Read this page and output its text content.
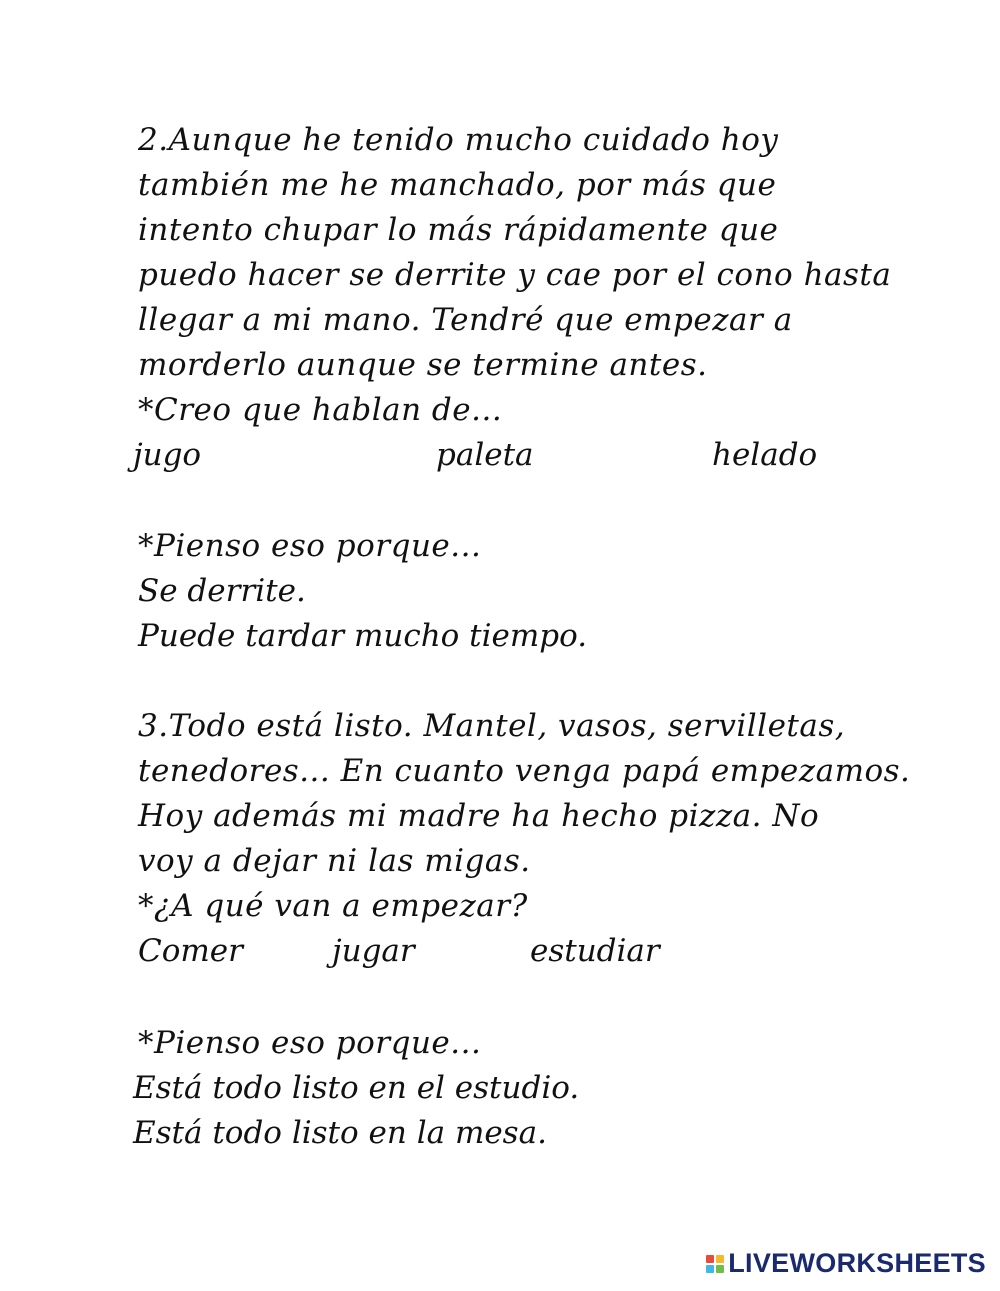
2.Aunque he tenido mucho cuidado hoy
también me he manchado, por más que
intento chupar lo más rápidamente que
puedo hacer se derrite y cae por el cono hasta
llegar a mi mano. Tendré que empezar a
morderlo aunque se termine antes.
*Creo que hablan de...
jugo	paleta	helado
*Pienso eso porque...
Se derrite.
Puede tardar mucho tiempo.
3.Todo está listo. Mantel, vasos, servilletas,
tenedores... En cuanto venga papá empezamos.
Hoy además mi madre ha hecho pizza. No
voy a dejar ni las migas.
*¿A qué van a empezar?
Comer	jugar	estudiar
*Pienso eso porque...
Está todo listo en el estudio.
Está todo listo en la mesa.
LIVEWORKSHEETS
